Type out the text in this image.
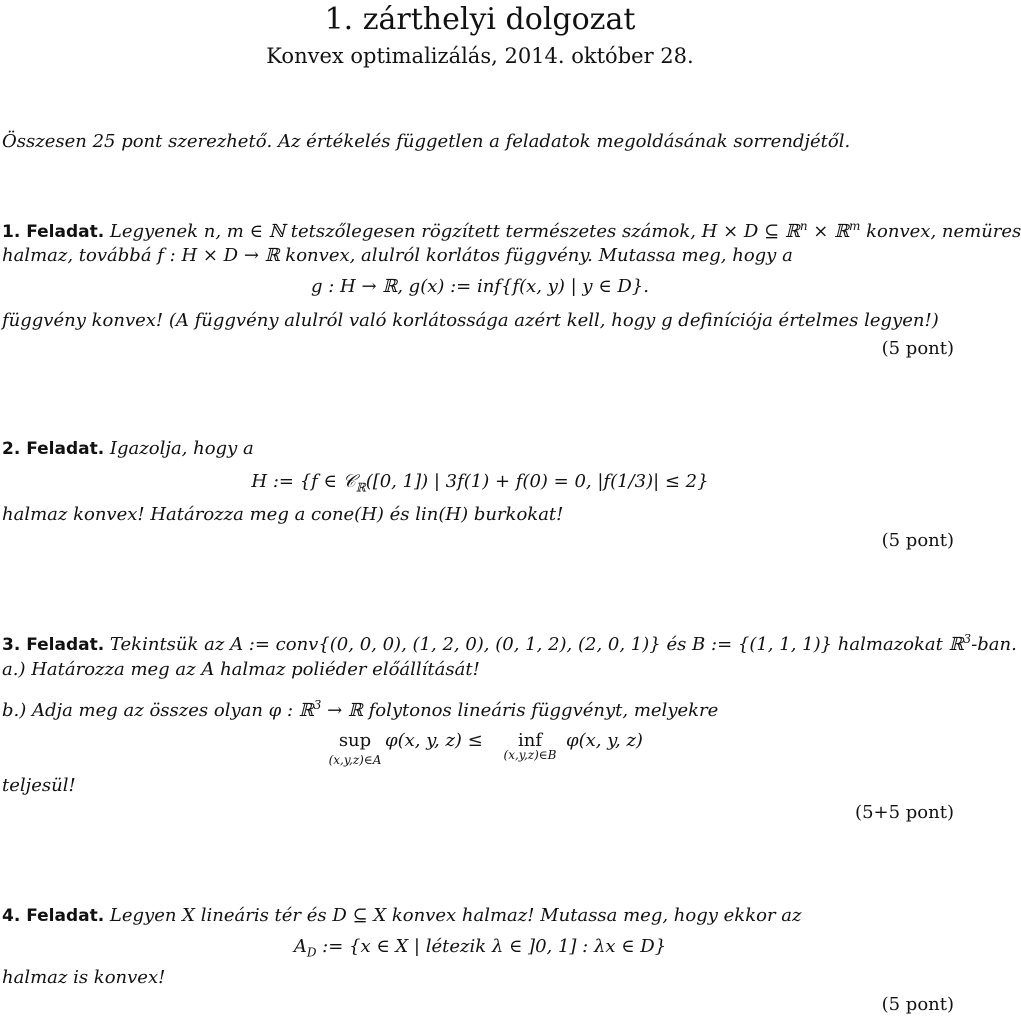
1. zárthelyi dolgozat
Konvex optimalizálás, 2014. október 28.
Összesen 25 pont szerezhető. Az értékelés független a feladatok megoldásának sorrendjétől.
1. Feladat. Legyenek n, m ∈ ℕ tetszőlegesen rögzített természetes számok, H × D ⊆ ℝ$^n$ × ℝ$^m$ konvex, nemüres
halmaz, továbbá f : H × D → ℝ konvex, alulról korlátos függvény. Mutassa meg, hogy a
g : H → ℝ, g(x) := inf{f(x, y) | y ∈ D}.
függvény konvex! (A függvény alulról való korlátossága azért kell, hogy g definíciója értelmes legyen!)
(5 pont)
2. Feladat. Igazolja, hogy a
H := {f ∈ 𝒞$_ℝ$([0, 1]) | 3f(1) + f(0) = 0, |f(1/3)| ≤ 2}
halmaz konvex! Határozza meg a cone(H) és lin(H) burkokat!
(5 pont)
3. Feladat. Tekintsük az A := conv{(0, 0, 0), (1, 2, 0), (0, 1, 2), (2, 0, 1)} és B := {(1, 1, 1)} halmazokat ℝ$^3$-ban.
a.) Határozza meg az A halmaz poliéder előállítását!
b.) Adja meg az összes olyan φ : ℝ$^3$ → ℝ folytonos lineáris függvényt, melyekre
sup
(x,y,z)∈A
φ(x, y, z) ≤	inf
(x,y,z)∈B
φ(x, y, z)
teljesül!
(5+5 pont)
4. Feladat. Legyen X lineáris tér és D ⊆ X konvex halmaz! Mutassa meg, hogy ekkor az
$A_D$ := {x ∈ X | létezik λ ∈ ]0, 1] : λx ∈ D}
halmaz is konvex!
(5 pont)
